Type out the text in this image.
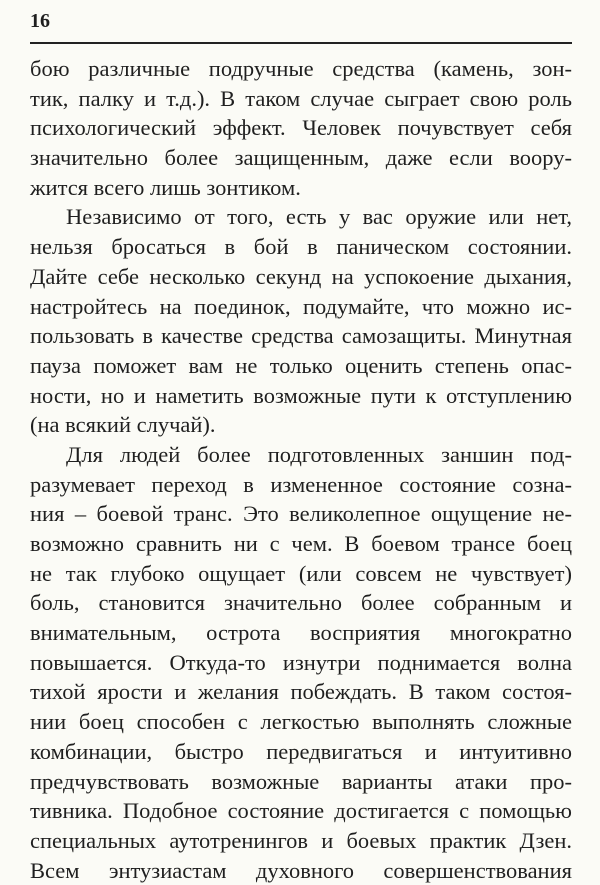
16
бою различные подручные средства (камень, зон-
тик, палку и т.д.). В таком случае сыграет свою роль
психологический эффект. Человек почувствует себя
значительно более защищенным, даже если воору-
жится всего лишь зонтиком.
Независимо от того, есть у вас оружие или нет,
нельзя бросаться в бой в паническом состоянии.
Дайте себе несколько секунд на успокоение дыхания,
настройтесь на поединок, подумайте, что можно ис-
пользовать в качестве средства самозащиты. Минутная
пауза поможет вам не только оценить степень опас-
ности, но и наметить возможные пути к отступлению
(на всякий случай).
Для людей более подготовленных заншин под-
разумевает переход в измененное состояние созна-
ния – боевой транс. Это великолепное ощущение не-
возможно сравнить ни с чем. В боевом трансе боец
не так глубоко ощущает (или совсем не чувствует)
боль, становится значительно более собранным и
внимательным, острота восприятия многократно
повышается. Откуда-то изнутри поднимается волна
тихой ярости и желания побеждать. В таком состоя-
нии боец способен с легкостью выполнять сложные
комбинации, быстро передвигаться и интуитивно
предчувствовать возможные варианты атаки про-
тивника. Подобное состояние достигается с помощью
специальных аутотренингов и боевых практик Дзен.
Всем энтузиастам духовного совершенствования
